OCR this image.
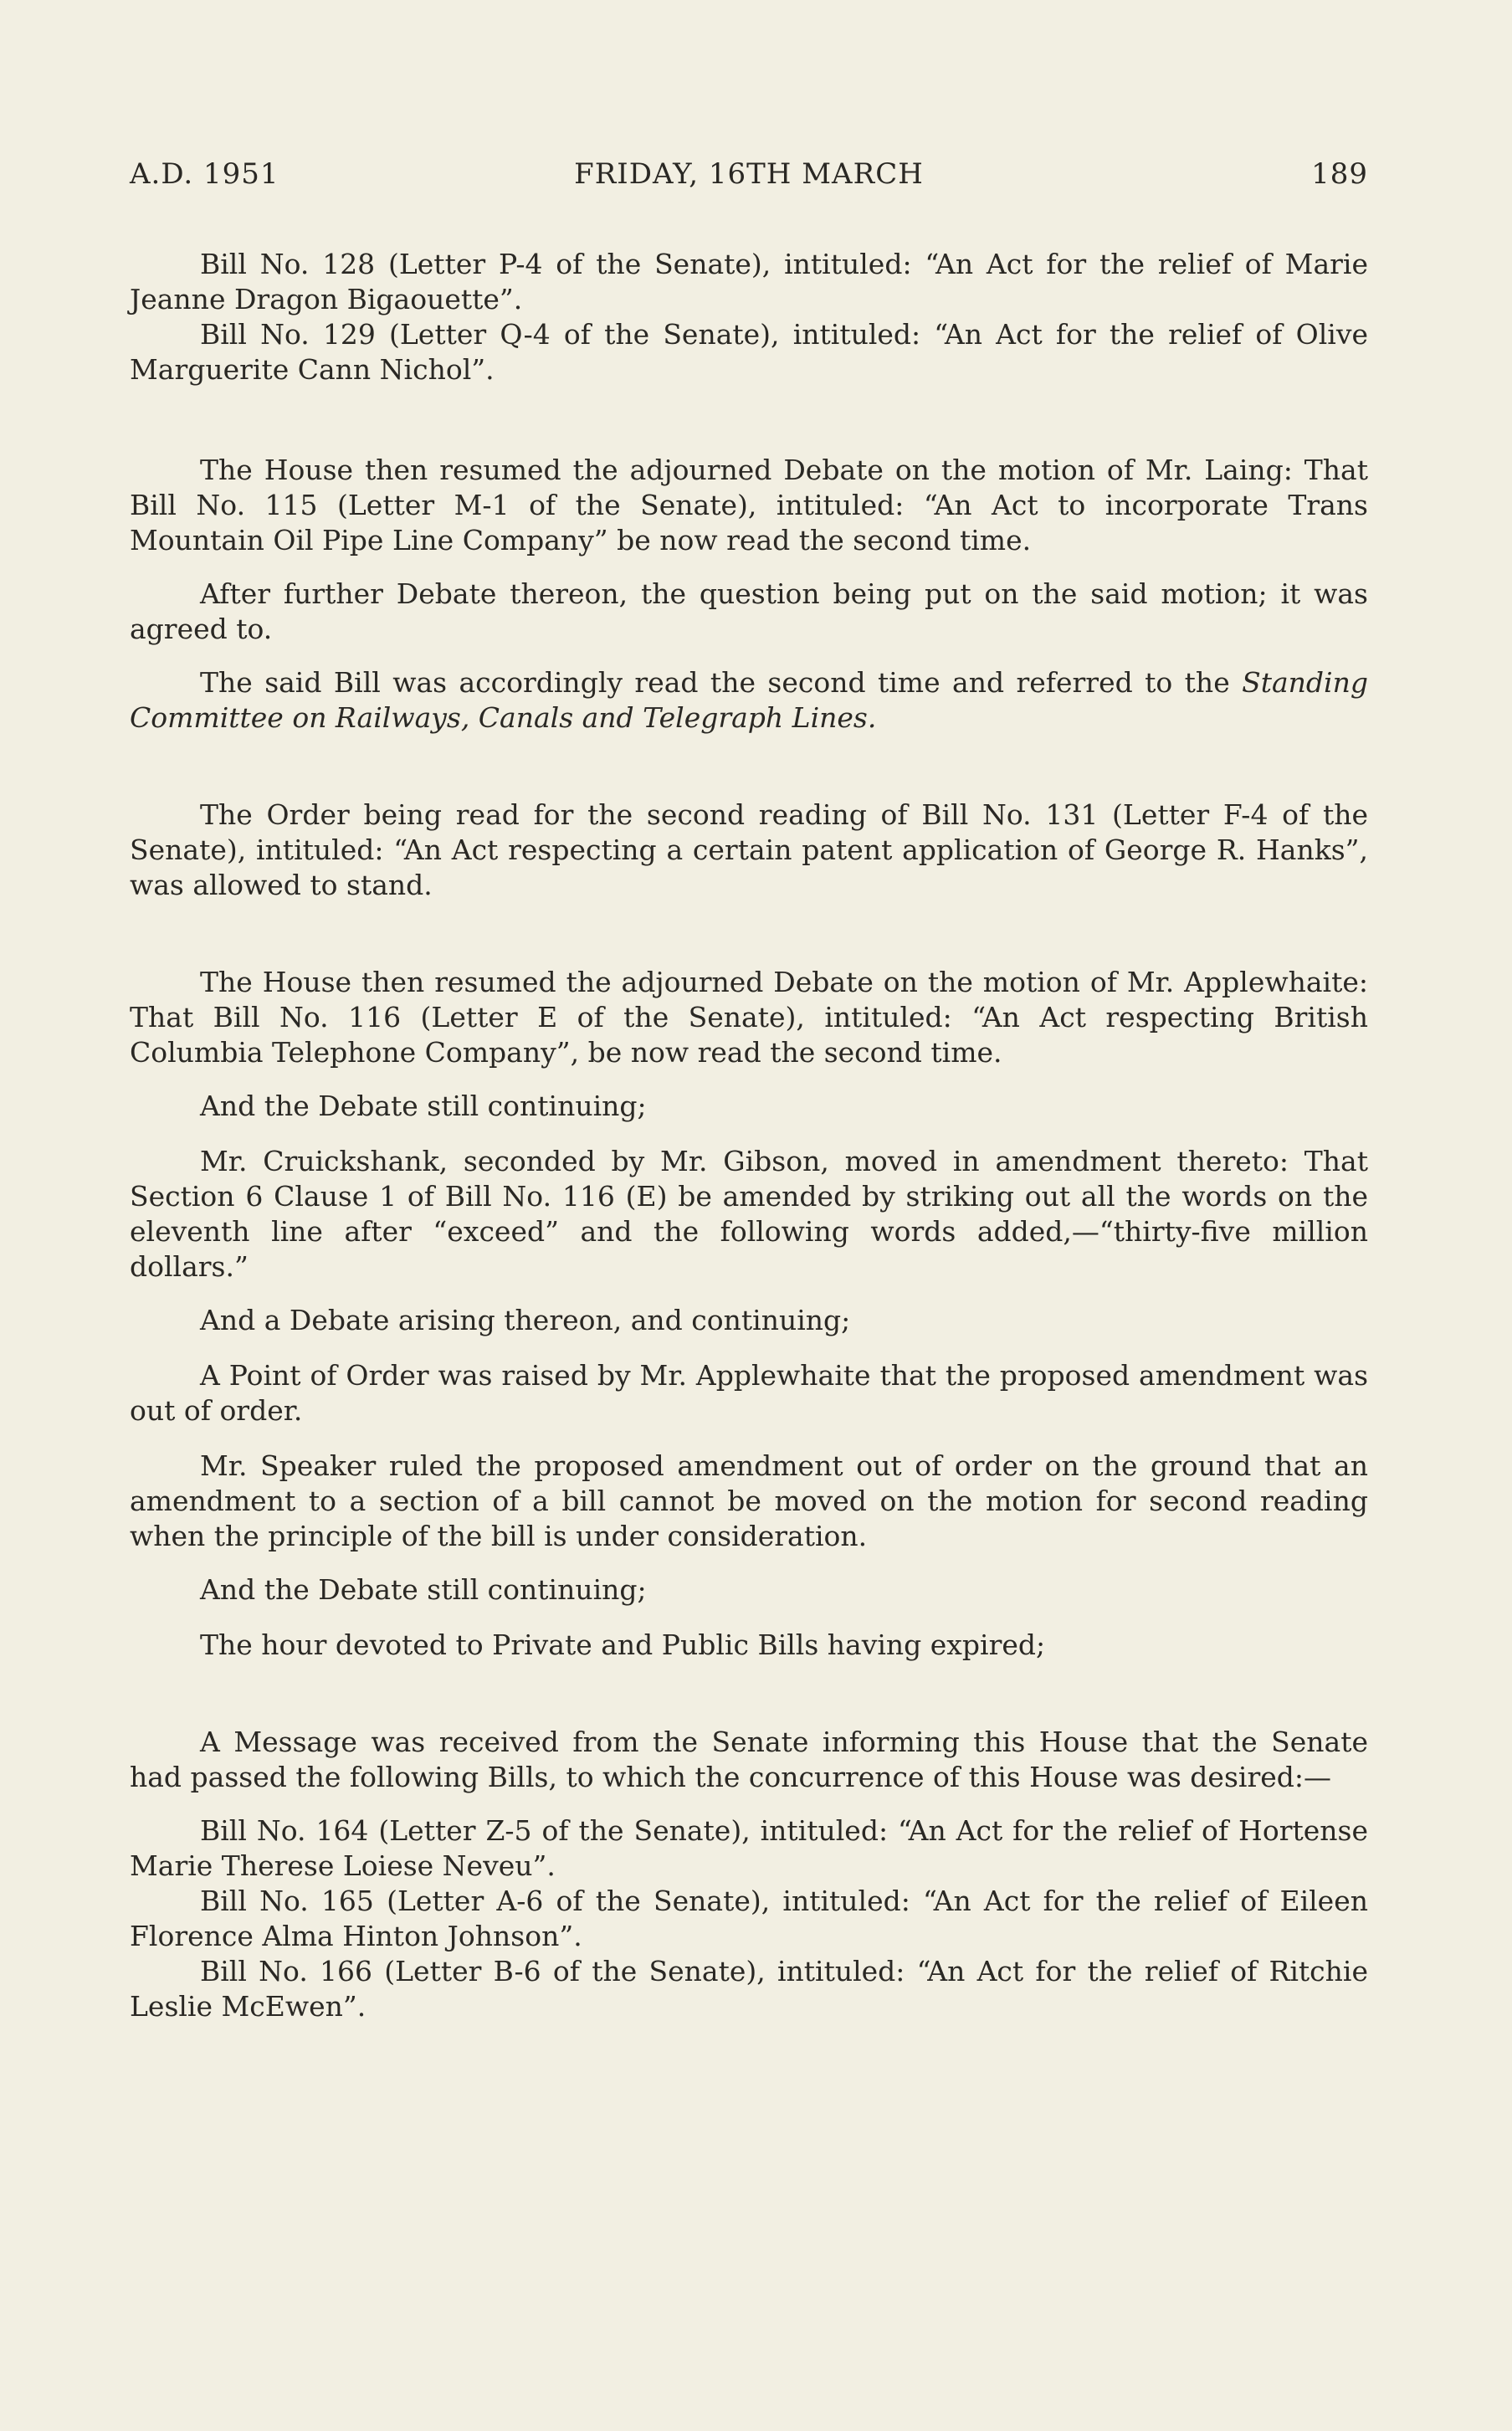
A.D. 1951	FRIDAY, 16TH MARCH	189

Bill No. 128 (Letter P-4 of the Senate), intituled: “An Act for the relief of Marie Jeanne Dragon Bigaouette”.

Bill No. 129 (Letter Q-4 of the Senate), intituled: “An Act for the relief of Olive Marguerite Cann Nichol”.

The House then resumed the adjourned Debate on the motion of Mr. Laing: That Bill No. 115 (Letter M-1 of the Senate), intituled: “An Act to incorporate Trans Mountain Oil Pipe Line Company” be now read the second time.

After further Debate thereon, the question being put on the said motion; it was agreed to.

The said Bill was accordingly read the second time and referred to the Standing Committee on Railways, Canals and Telegraph Lines.

The Order being read for the second reading of Bill No. 131 (Letter F-4 of the Senate), intituled: “An Act respecting a certain patent application of George R. Hanks”, was allowed to stand.

The House then resumed the adjourned Debate on the motion of Mr. Applewhaite: That Bill No. 116 (Letter E of the Senate), intituled: “An Act respecting British Columbia Telephone Company”, be now read the second time.

And the Debate still continuing;

Mr. Cruickshank, seconded by Mr. Gibson, moved in amendment thereto: That Section 6 Clause 1 of Bill No. 116 (E) be amended by striking out all the words on the eleventh line after “exceed” and the following words added,—“thirty-five million dollars.”

And a Debate arising thereon, and continuing;

A Point of Order was raised by Mr. Applewhaite that the proposed amendment was out of order.

Mr. Speaker ruled the proposed amendment out of order on the ground that an amendment to a section of a bill cannot be moved on the motion for second reading when the principle of the bill is under consideration.

And the Debate still continuing;

The hour devoted to Private and Public Bills having expired;

A Message was received from the Senate informing this House that the Senate had passed the following Bills, to which the concurrence of this House was desired:—

Bill No. 164 (Letter Z-5 of the Senate), intituled: “An Act for the relief of Hortense Marie Therese Loiese Neveu”.

Bill No. 165 (Letter A-6 of the Senate), intituled: “An Act for the relief of Eileen Florence Alma Hinton Johnson”.

Bill No. 166 (Letter B-6 of the Senate), intituled: “An Act for the relief of Ritchie Leslie McEwen”.
